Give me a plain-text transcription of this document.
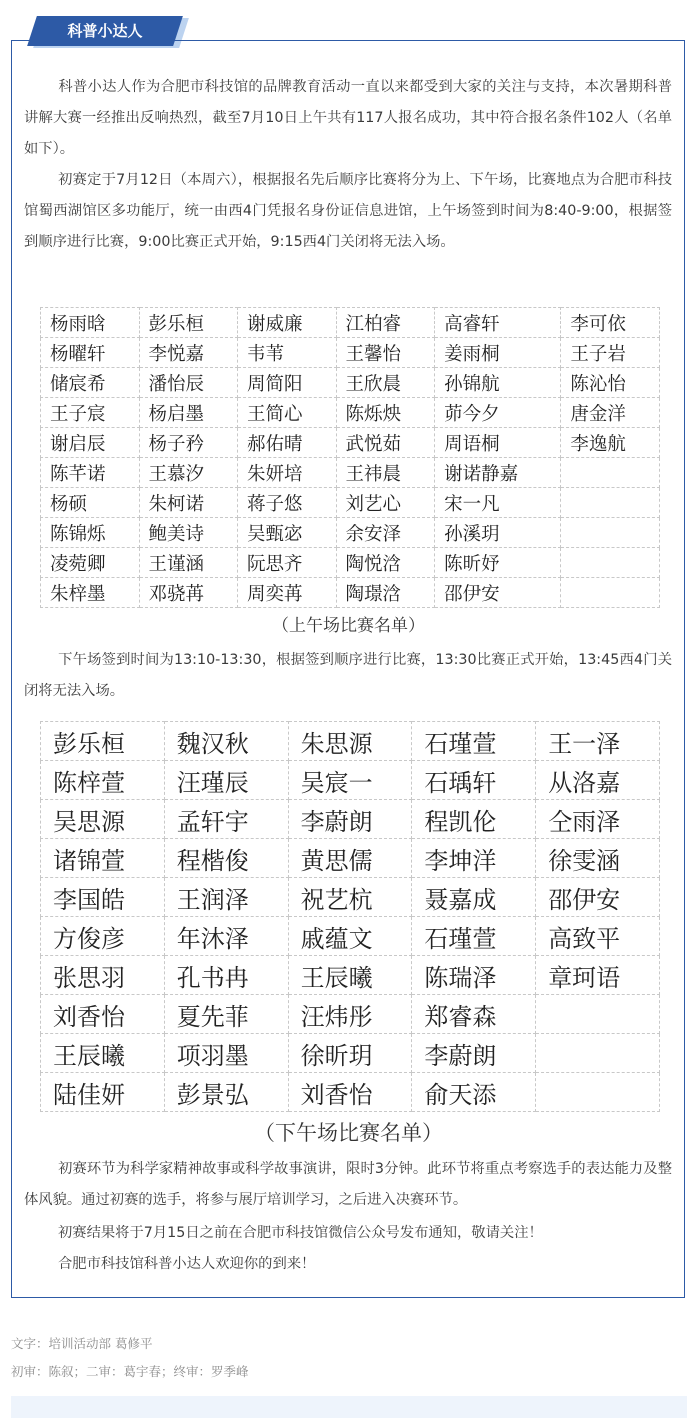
科普小达人

科普小达人作为合肥市科技馆的品牌教育活动一直以来都受到大家的关注与支持，本次暑期科普讲解大赛一经推出反响热烈，截至7月10日上午共有117人报名成功，其中符合报名条件102人（名单如下）。

初赛定于7月12日（本周六），根据报名先后顺序比赛将分为上、下午场，比赛地点为合肥市科技馆蜀西湖馆区多功能厅，统一由西4门凭报名身份证信息进馆，上午场签到时间为8:40-9:00，根据签到顺序进行比赛，9:00比赛正式开始，9:15西4门关闭将无法入场。

杨雨晗	彭乐桓	谢威廉	江柏睿	高睿轩	李可依
杨曜轩	李悦嘉	韦苇	王馨怡	姜雨桐	王子岩
储宸希	潘怡辰	周简阳	王欣晨	孙锦航	陈沁怡
王子宸	杨启墨	王简心	陈烁炴	茆今夕	唐金洋
谢启辰	杨子矜	郝佑晴	武悦茹	周语桐	李逸航
陈芊诺	王慕汐	朱妍培	王祎晨	谢诺静嘉	
杨硕	朱柯诺	蒋子悠	刘艺心	宋一凡	
陈锦烁	鲍美诗	吴甄宓	余安泽	孙溪玥	
凌菀卿	王谨涵	阮思齐	陶悦浛	陈昕妤	
朱梓墨	邓骁苒	周奕苒	陶璟浛	邵伊安	
（上午场比赛名单）

下午场签到时间为13:10-13:30，根据签到顺序进行比赛，13:30比赛正式开始，13:45西4门关闭将无法入场。

彭乐桓	魏汉秋	朱思源	石瑾萱	王一泽
陈梓萱	汪瑾辰	吴宸一	石瑀轩	从洛嘉
吴思源	孟轩宇	李蔚朗	程凯伦	仝雨泽
诸锦萱	程楷俊	黄思儒	李坤洋	徐雯涵
李国皓	王润泽	祝艺杭	聂嘉成	邵伊安
方俊彦	年沐泽	戚蕴文	石瑾萱	高致平
张思羽	孔书冉	王辰曦	陈瑞泽	章珂语
刘香怡	夏先菲	汪炜彤	郑睿森	
王辰曦	项羽墨	徐昕玥	李蔚朗	
陆佳妍	彭景弘	刘香怡	俞天添	
（下午场比赛名单）

初赛环节为科学家精神故事或科学故事演讲，限时3分钟。此环节将重点考察选手的表达能力及整体风貌。通过初赛的选手，将参与展厅培训学习，之后进入决赛环节。

初赛结果将于7月15日之前在合肥市科技馆微信公众号发布通知，敬请关注！

合肥市科技馆科普小达人欢迎你的到来！

文字：培训活动部 葛修平
初审：陈叙；二审：葛宇春；终审：罗季峰
